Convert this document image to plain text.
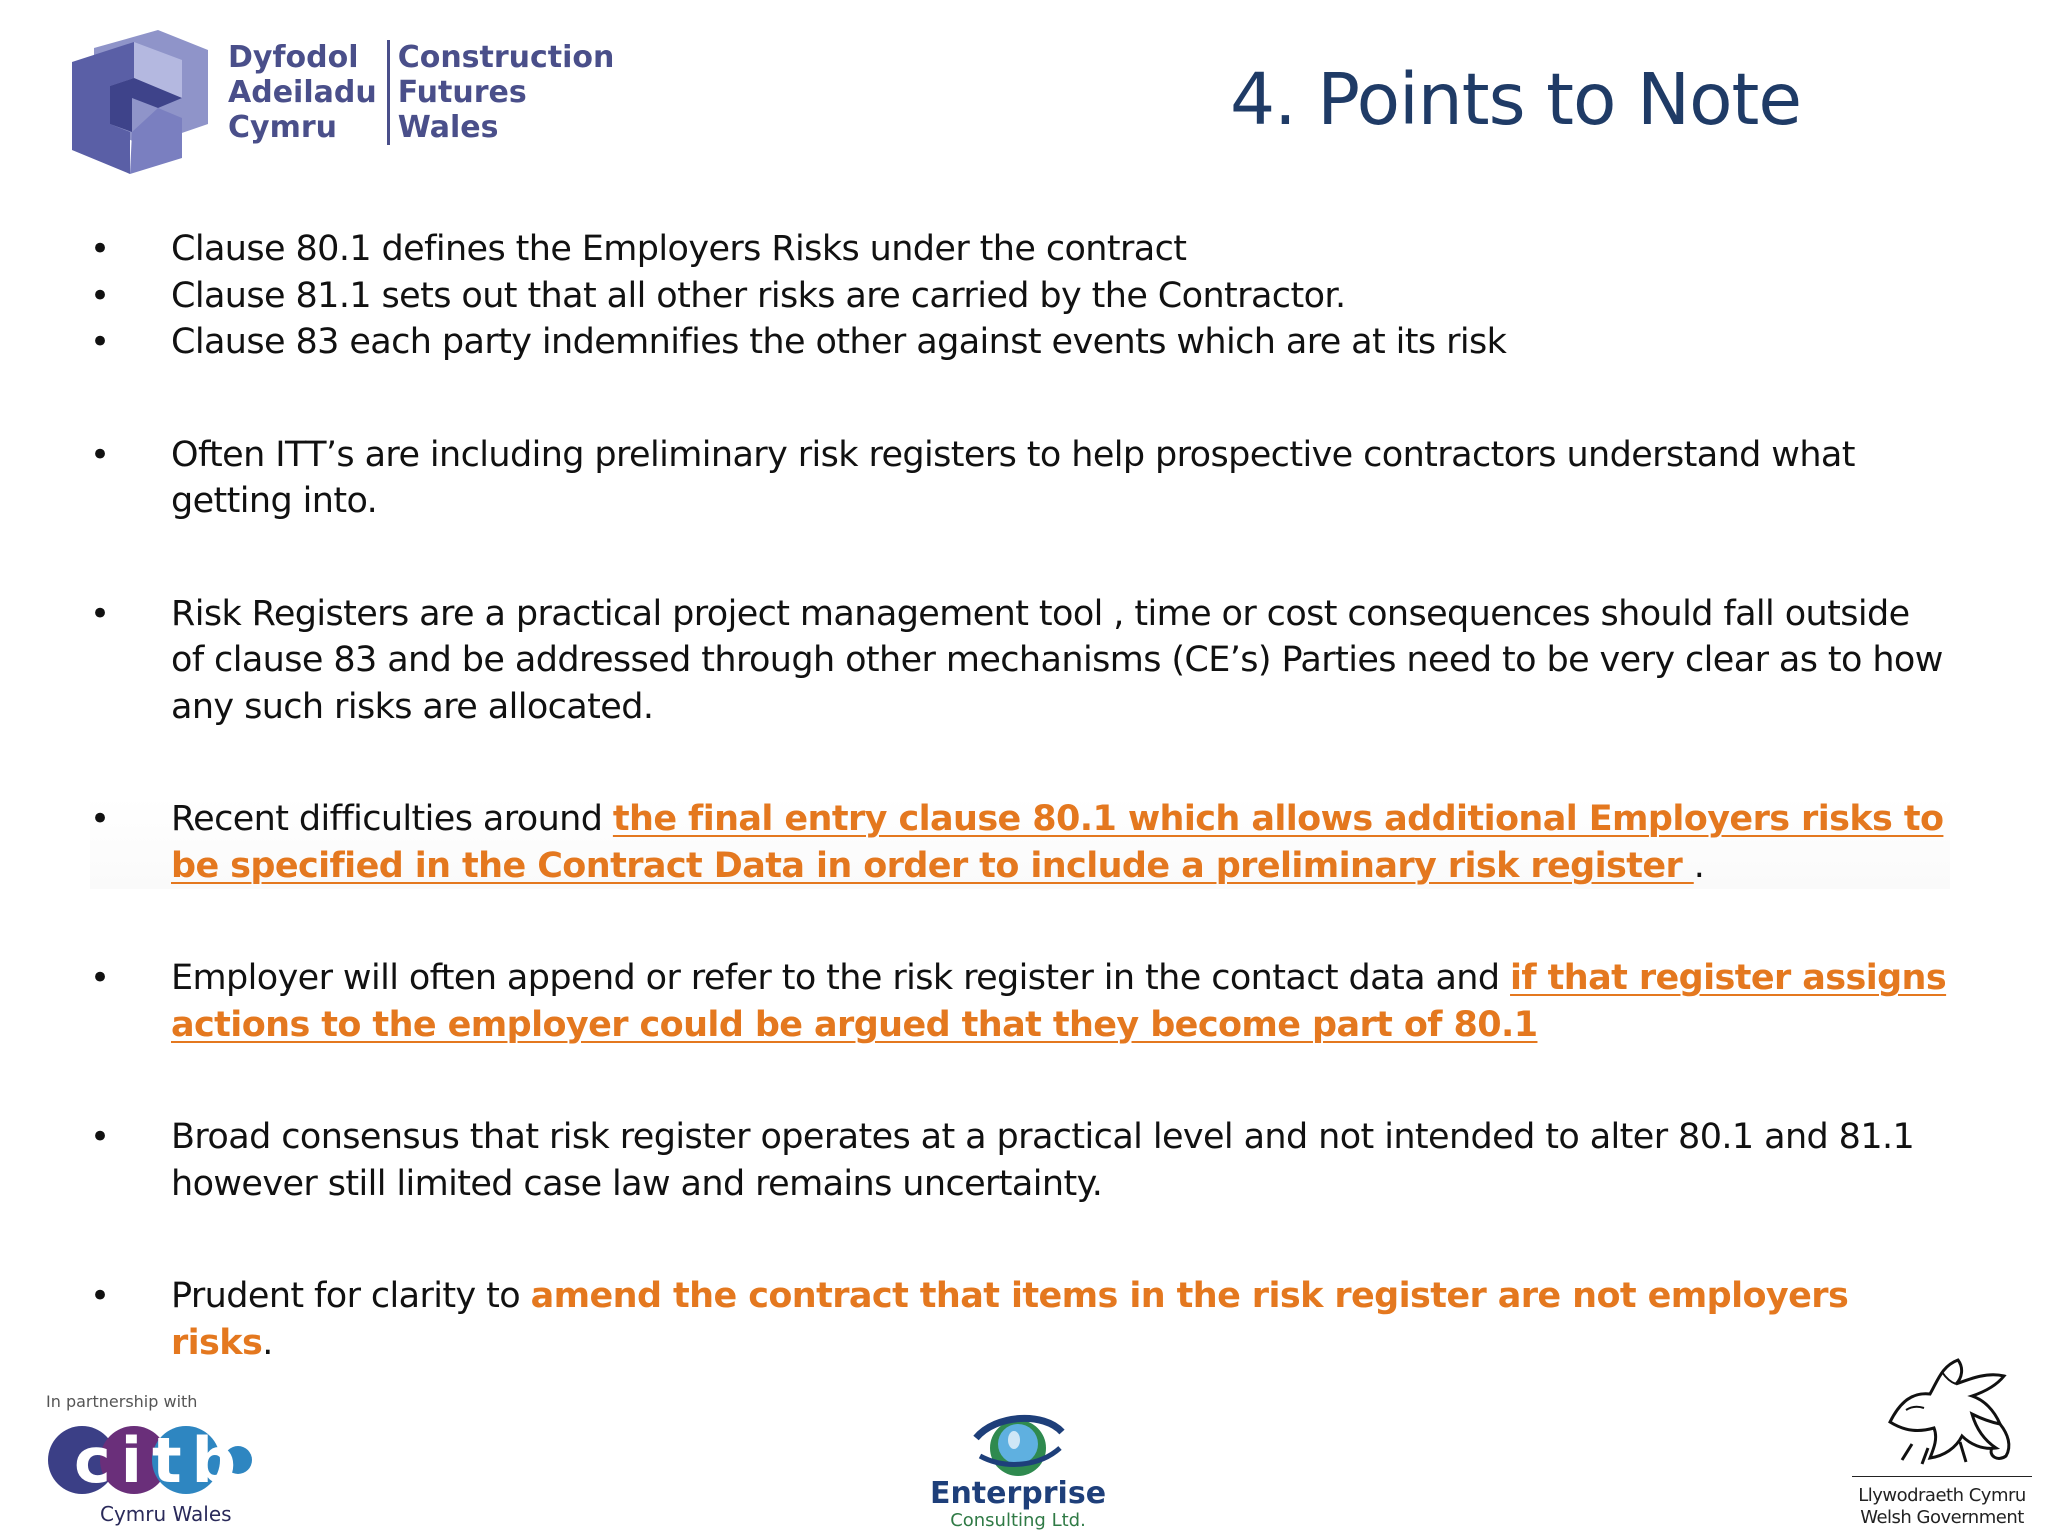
Dyfodol
Adeiladu
Cymru
Construction
Futures
Wales	4. Points to Note
• Clause 80.1 defines the Employers Risks under the contract
• Clause 81.1 sets out that all other risks are carried by the Contractor.
• Clause 83 each party indemnifies the other against events which are at its risk
• Often ITT’s are including preliminary risk registers to help prospective contractors understand what getting into.
• Risk Registers are a practical project management tool , time or cost consequences should fall outside of clause 83 and be addressed through other mechanisms (CE’s) Parties need to be very clear as to how any such risks are allocated.
• Recent difficulties around the final entry clause 80.1 which allows additional Employers risks to be specified in the Contract Data in order to include a preliminary risk register .
• Employer will often append or refer to the risk register in the contact data and if that register assigns actions to the employer could be argued that they become part of 80.1
• Broad consensus that risk register operates at a practical level and not intended to alter 80.1 and 81.1 however still limited case law and remains uncertainty.
• Prudent for clarity to amend the contract that items in the risk register are not employers risks.
In partnership with
citb
Cymru Wales
Enterprise
Consulting Ltd.
Llywodraeth Cymru
Welsh Government
